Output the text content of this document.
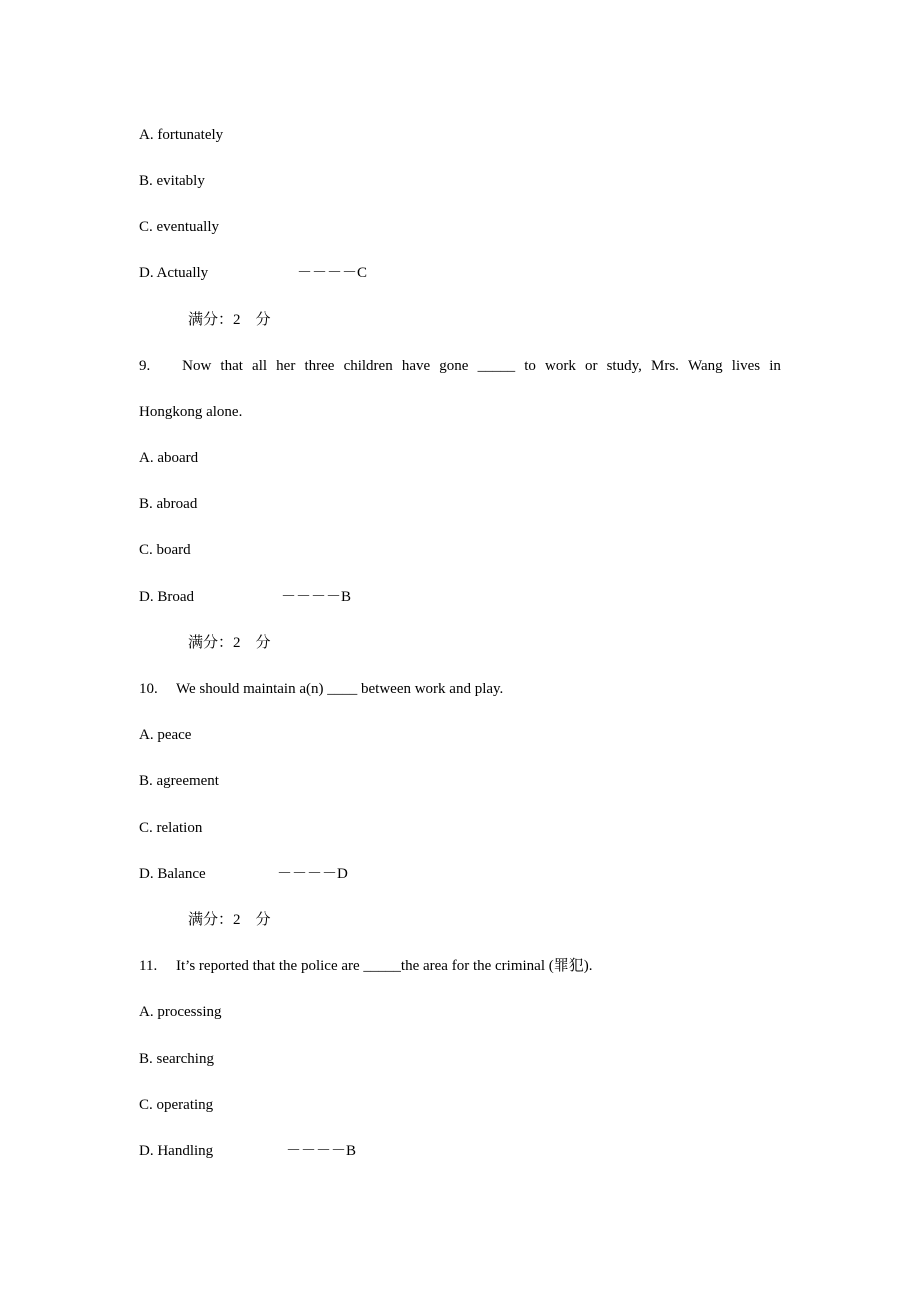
A. fortunately
B. evitably
C. eventually
D. Actually	－－－－C
满分：2　分
9.	Now that all her three children have gone _____ to work or study, Mrs. Wang lives in
Hongkong alone.
A. aboard
B. abroad
C. board
D. Broad	－－－－B
满分：2　分
10. We should maintain a(n) ____ between work and play.
A. peace
B. agreement
C. relation
D. Balance	－－－－D
满分：2　分
11. It’s reported that the police are _____the area for the criminal (罪犯).
A. processing
B. searching
C. operating
D. Handling	－－－－B
